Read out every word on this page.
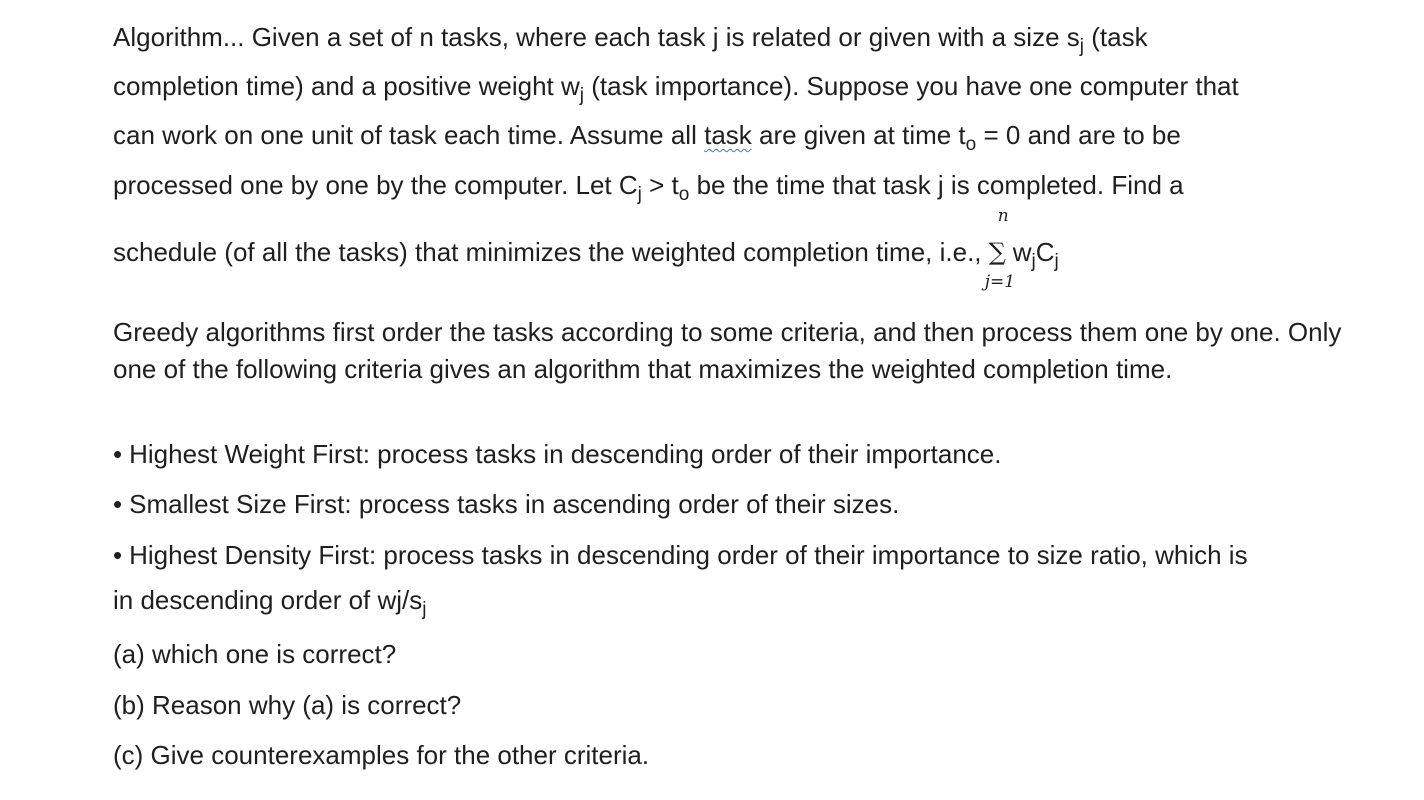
Algorithm... Given a set of n tasks, where each task j is related or given with a size $s_j$ (task
completion time) and a positive weight $w_j$ (task importance). Suppose you have one computer that
can work on one unit of task each time. Assume all task are given at time $t_o = 0$ and are to be
processed one by one by the computer. Let $C_j > t_o$ be the time that task j is completed. Find a
schedule (of all the tasks) that minimizes the weighted completion time, i.e.,
n
∑ $w_jC_j$
j=1
Greedy algorithms first order the tasks according to some criteria, and then process them one by one. Only one of the following criteria gives an algorithm that maximizes the weighted completion time.
• Highest Weight First: process tasks in descending order of their importance.
• Smallest Size First: process tasks in ascending order of their sizes.
• Highest Density First: process tasks in descending order of their importance to size ratio, which is
in descending order of $wj/s_j$
(a) which one is correct?
(b) Reason why (a) is correct?
(c) Give counterexamples for the other criteria.
